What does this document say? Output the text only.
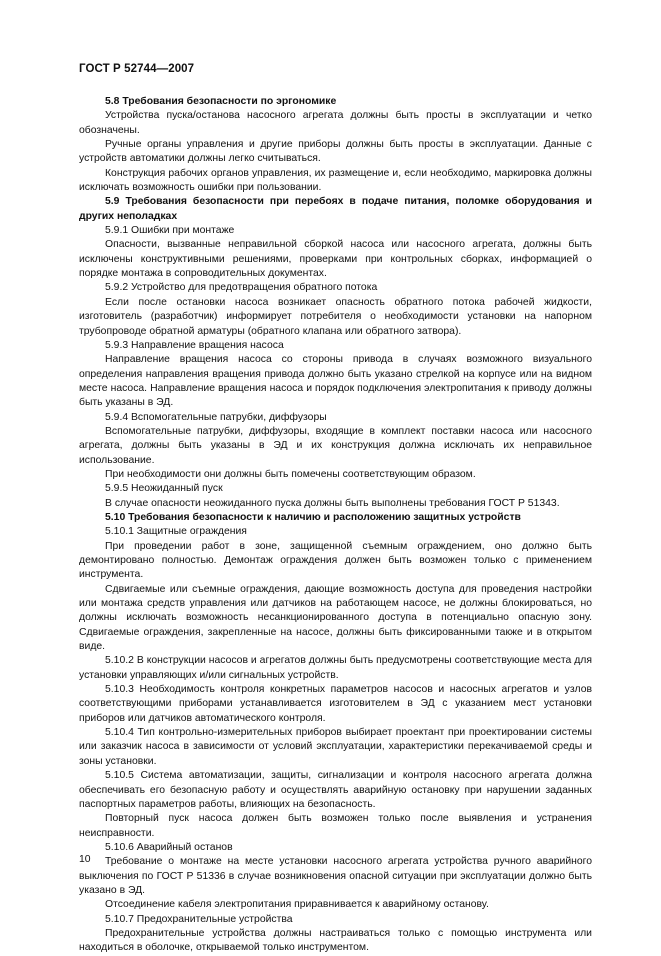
ГОСТ Р 52744—2007

5.8 Требования безопасности по эргономике

Устройства пуска/останова насосного агрегата должны быть просты в эксплуатации и четко обозначены.

Ручные органы управления и другие приборы должны быть просты в эксплуатации. Данные с устройств автоматики должны легко считываться.

Конструкция рабочих органов управления, их размещение и, если необходимо, маркировка должны исключать возможность ошибки при пользовании.

5.9 Требования безопасности при перебоях в подаче питания, поломке оборудования и других неполадках

5.9.1 Ошибки при монтаже

Опасности, вызванные неправильной сборкой насоса или насосного агрегата, должны быть исключены конструктивными решениями, проверками при контрольных сборках, информацией о порядке монтажа в сопроводительных документах.

5.9.2 Устройство для предотвращения обратного потока

Если после остановки насоса возникает опасность обратного потока рабочей жидкости, изготовитель (разработчик) информирует потребителя о необходимости установки на напорном трубопроводе обратной арматуры (обратного клапана или обратного затвора).

5.9.3 Направление вращения насоса

Направление вращения насоса со стороны привода в случаях возможного визуального определения направления вращения привода должно быть указано стрелкой на корпусе или на видном месте насоса. Направление вращения насоса и порядок подключения электропитания к приводу должны быть указаны в ЭД.

5.9.4 Вспомогательные патрубки, диффузоры

Вспомогательные патрубки, диффузоры, входящие в комплект поставки насоса или насосного агрегата, должны быть указаны в ЭД и их конструкция должна исключать их неправильное использование.

При необходимости они должны быть помечены соответствующим образом.

5.9.5 Неожиданный пуск

В случае опасности неожиданного пуска должны быть выполнены требования ГОСТ Р 51343.

5.10 Требования безопасности к наличию и расположению защитных устройств

5.10.1 Защитные ограждения

При проведении работ в зоне, защищенной съемным ограждением, оно должно быть демонтировано полностью. Демонтаж ограждения должен быть возможен только с применением инструмента.

Сдвигаемые или съемные ограждения, дающие возможность доступа для проведения настройки или монтажа средств управления или датчиков на работающем насосе, не должны блокироваться, но должны исключать возможность несанкционированного доступа в потенциально опасную зону. Сдвигаемые ограждения, закрепленные на насосе, должны быть фиксированными также и в открытом виде.

5.10.2 В конструкции насосов и агрегатов должны быть предусмотрены соответствующие места для установки управляющих и/или сигнальных устройств.

5.10.3 Необходимость контроля конкретных параметров насосов и насосных агрегатов и узлов соответствующими приборами устанавливается изготовителем в ЭД с указанием мест установки приборов или датчиков автоматического контроля.

5.10.4 Тип контрольно-измерительных приборов выбирает проектант при проектировании системы или заказчик насоса в зависимости от условий эксплуатации, характеристики перекачиваемой среды и зоны установки.

5.10.5 Система автоматизации, защиты, сигнализации и контроля насосного агрегата должна обеспечивать его безопасную работу и осуществлять аварийную остановку при нарушении заданных паспортных параметров работы, влияющих на безопасность.

Повторный пуск насоса должен быть возможен только после выявления и устранения неисправности.

5.10.6 Аварийный останов

Требование о монтаже на месте установки насосного агрегата устройства ручного аварийного выключения по ГОСТ Р 51336 в случае возникновения опасной ситуации при эксплуатации должно быть указано в ЭД.

Отсоединение кабеля электропитания приравнивается к аварийному останову.

5.10.7 Предохранительные устройства

Предохранительные устройства должны настраиваться только с помощью инструмента или находиться в оболочке, открываемой только инструментом.

10
